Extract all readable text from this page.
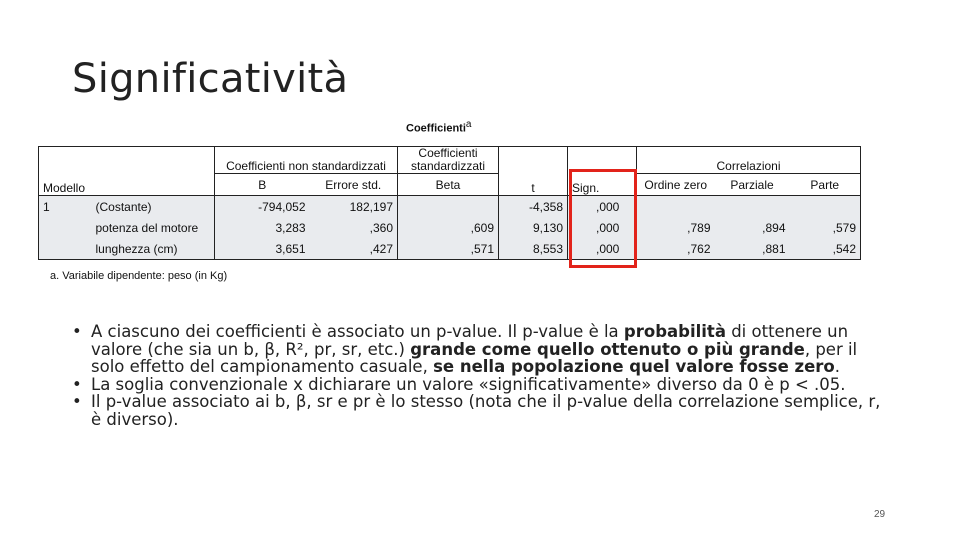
Significatività
Coefficienti$^a$
Modello		Coefficienti non standardizzati		Coefficienti
standardizzati	t	Sign.	Correlazioni		
		B	Errore std.	Beta			Ordine zero	Parziale	Parte
1	(Costante)	-794,052	182,197		-4,358	,000			
	potenza del motore	3,283	,360	,609	9,130	,000	,789	,894	,579
	lunghezza (cm)	3,651	,427	,571	8,553	,000	,762	,881	,542
a. Variabile dipendente: peso (in Kg)
• A ciascuno dei coefficienti è associato un p-value. Il p-value è la probabilità di ottenere un valore (che sia un b, β, R², pr, sr, etc.) grande come quello ottenuto o più grande, per il solo effetto del campionamento casuale, se nella popolazione quel valore fosse zero.
• La soglia convenzionale x dichiarare un valore «significativamente» diverso da 0 è p < .05.
• Il p-value associato ai b, β, sr e pr è lo stesso (nota che il p-value della correlazione semplice, r, è diverso).
29
